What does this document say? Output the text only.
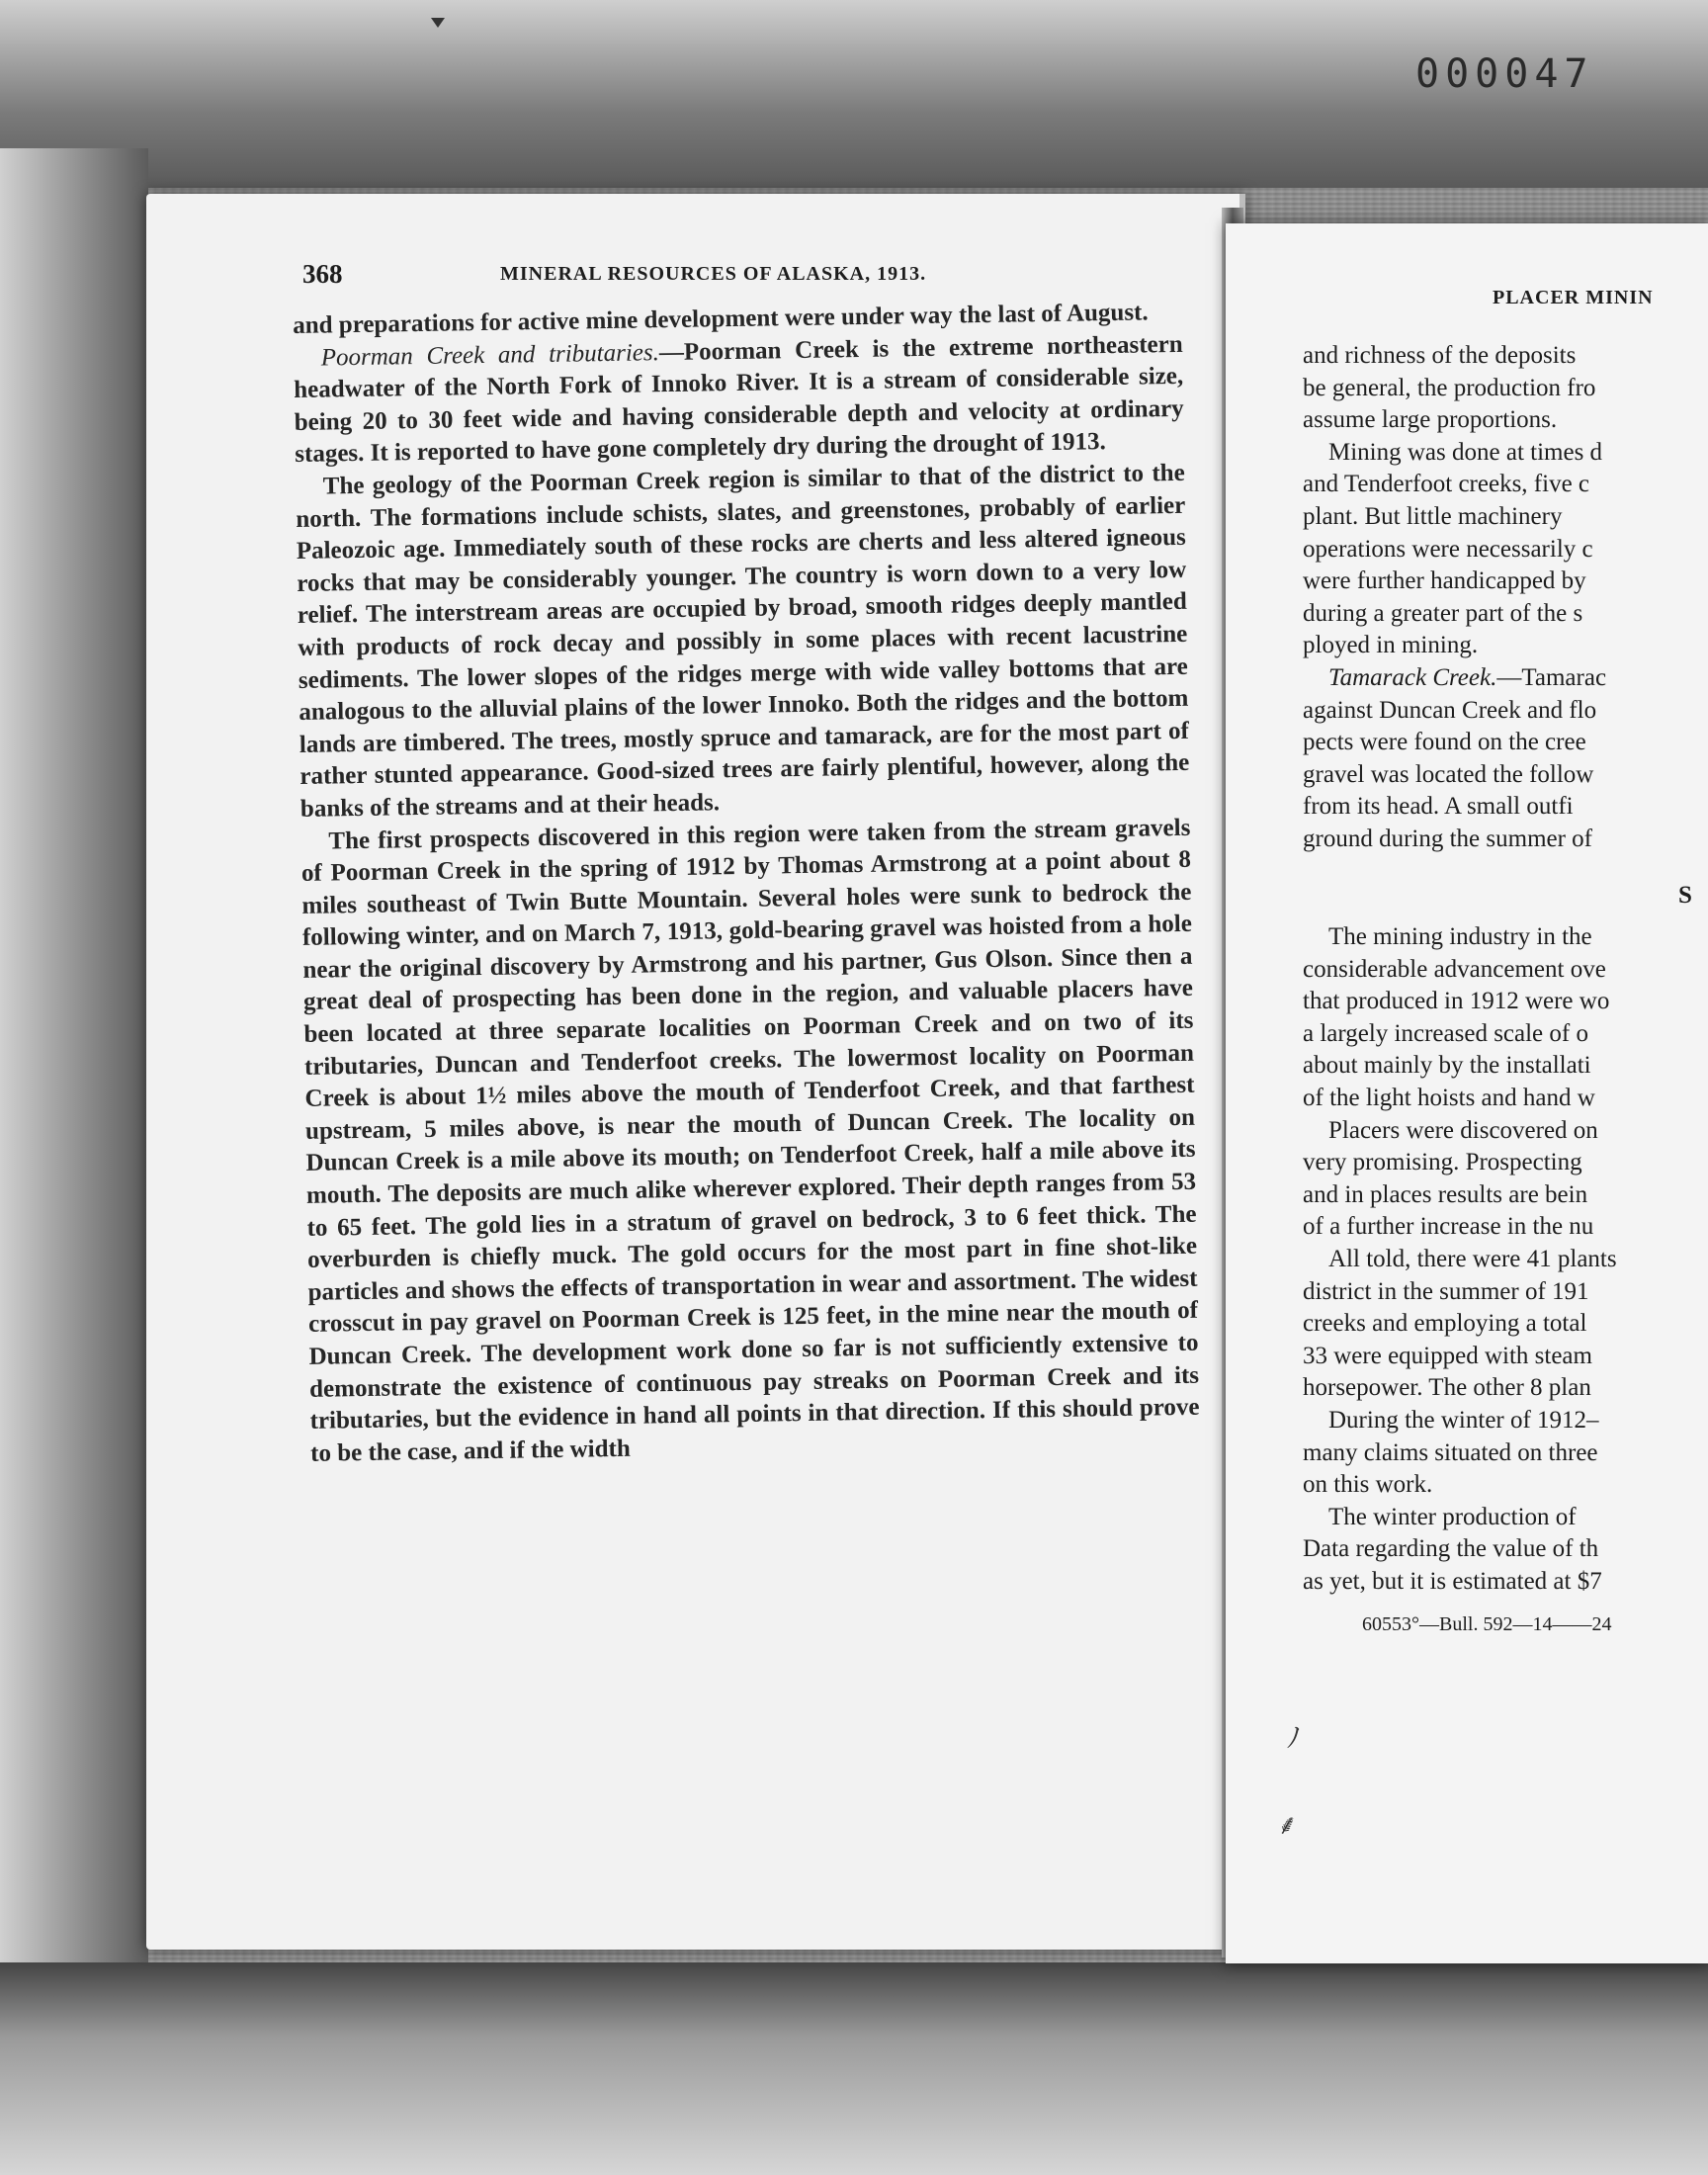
000047
368	MINERAL RESOURCES OF ALASKA, 1913.

and preparations for active mine development were under way the last of August.

Poorman Creek and tributaries.—Poorman Creek is the extreme northeastern headwater of the North Fork of Innoko River. It is a stream of considerable size, being 20 to 30 feet wide and having considerable depth and velocity at ordinary stages. It is reported to have gone completely dry during the drought of 1913.

The geology of the Poorman Creek region is similar to that of the district to the north. The formations include schists, slates, and greenstones, probably of earlier Paleozoic age. Immediately south of these rocks are cherts and less altered igneous rocks that may be considerably younger. The country is worn down to a very low relief. The interstream areas are occupied by broad, smooth ridges deeply mantled with products of rock decay and possibly in some places with recent lacustrine sediments. The lower slopes of the ridges merge with wide valley bottoms that are analogous to the alluvial plains of the lower Innoko. Both the ridges and the bottom lands are timbered. The trees, mostly spruce and tamarack, are for the most part of rather stunted appearance. Good-sized trees are fairly plentiful, however, along the banks of the streams and at their heads.

The first prospects discovered in this region were taken from the stream gravels of Poorman Creek in the spring of 1912 by Thomas Armstrong at a point about 8 miles southeast of Twin Butte Mountain. Several holes were sunk to bedrock the following winter, and on March 7, 1913, gold-bearing gravel was hoisted from a hole near the original discovery by Armstrong and his partner, Gus Olson. Since then a great deal of prospecting has been done in the region, and valuable placers have been located at three separate localities on Poorman Creek and on two of its tributaries, Duncan and Tenderfoot creeks. The lowermost locality on Poorman Creek is about 1½ miles above the mouth of Tenderfoot Creek, and that farthest upstream, 5 miles above, is near the mouth of Duncan Creek. The locality on Duncan Creek is a mile above its mouth; on Tenderfoot Creek, half a mile above its mouth. The deposits are much alike wherever explored. Their depth ranges from 53 to 65 feet. The gold lies in a stratum of gravel on bedrock, 3 to 6 feet thick. The overburden is chiefly muck. The gold occurs for the most part in fine shot-like particles and shows the effects of transportation in wear and assortment. The widest crosscut in pay gravel on Poorman Creek is 125 feet, in the mine near the mouth of Duncan Creek. The development work done so far is not sufficiently extensive to demonstrate the existence of continuous pay streaks on Poorman Creek and its tributaries, but the evidence in hand all points in that direction. If this should prove to be the case, and if the width

PLACER MININ

and richness of the deposits

be general, the production fro

assume large proportions.

Mining was done at times d

and Tenderfoot creeks, five c

plant. But little machinery

operations were necessarily c

were further handicapped by

during a greater part of the s

ployed in mining.

Tamarack Creek.—Tamarac

against Duncan Creek and flo

pects were found on the cree

gravel was located the follow

from its head. A small outfi

ground during the summer of

S

The mining industry in the

considerable advancement ove

that produced in 1912 were wo

a largely increased scale of o

about mainly by the installati

of the light hoists and hand w

Placers were discovered on

very promising. Prospecting

and in places results are bein

of a further increase in the nu

All told, there were 41 plants

district in the summer of 191

creeks and employing a total

33 were equipped with steam

horsepower. The other 8 plan

During the winter of 1912–

many claims situated on three

on this work.

The winter production of

Data regarding the value of th

as yet, but it is estimated at $7

60553°—Bull. 592—14——24

ﾉ
⸙
